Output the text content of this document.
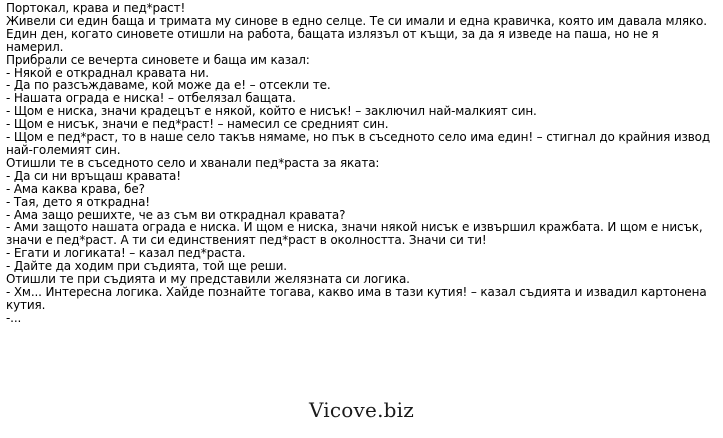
Портокал, крава и пед*раст!

Живели си един баща и тримата му синове в едно селце. Те си имали и една кравичка, която им давала мляко. Един ден, когато синовете отишли на работа, бащата излязъл от къщи, за да я изведе на паша, но не я намерил.

Прибрали се вечерта синовете и баща им казал:

- Някой е откраднал кравата ни.

- Да по разсъждаваме, кой може да е! – отсекли те.

- Нашата ограда е ниска! – отбелязал бащата.

- Щом е ниска, значи крадецът е някой, който е нисък! – заключил най-малкият син.

- Щом е нисък, значи е пед*раст! – намесил се средният син.

- Щом е пед*раст, то в наше село такъв нямаме, но пък в съседното село има един! – стигнал до крайния извод най-големият син.

Отишли те в съседното село и хванали пед*раста за яката:

- Да си ни връщаш кравата!

- Ама каква крава, бе?

- Тая, дето я открадна!

- Ама защо решихте, че аз съм ви откраднал кравата?

- Ами защото нашата ограда е ниска. И щом е ниска, значи някой нисък е извършил кражбата. И щом е нисък, значи е пед*раст. А ти си единственият пед*раст в околността. Значи си ти!

- Егати и логиката! – казал пед*раста.

- Дайте да ходим при съдията, той ще реши.

Отишли те при съдията и му представили желязната си логика.

- Хм... Интересна логика. Хайде познайте тогава, какво има в тази кутия! – казал съдията и извадил картонена кутия.

-...

Vicove.biz
